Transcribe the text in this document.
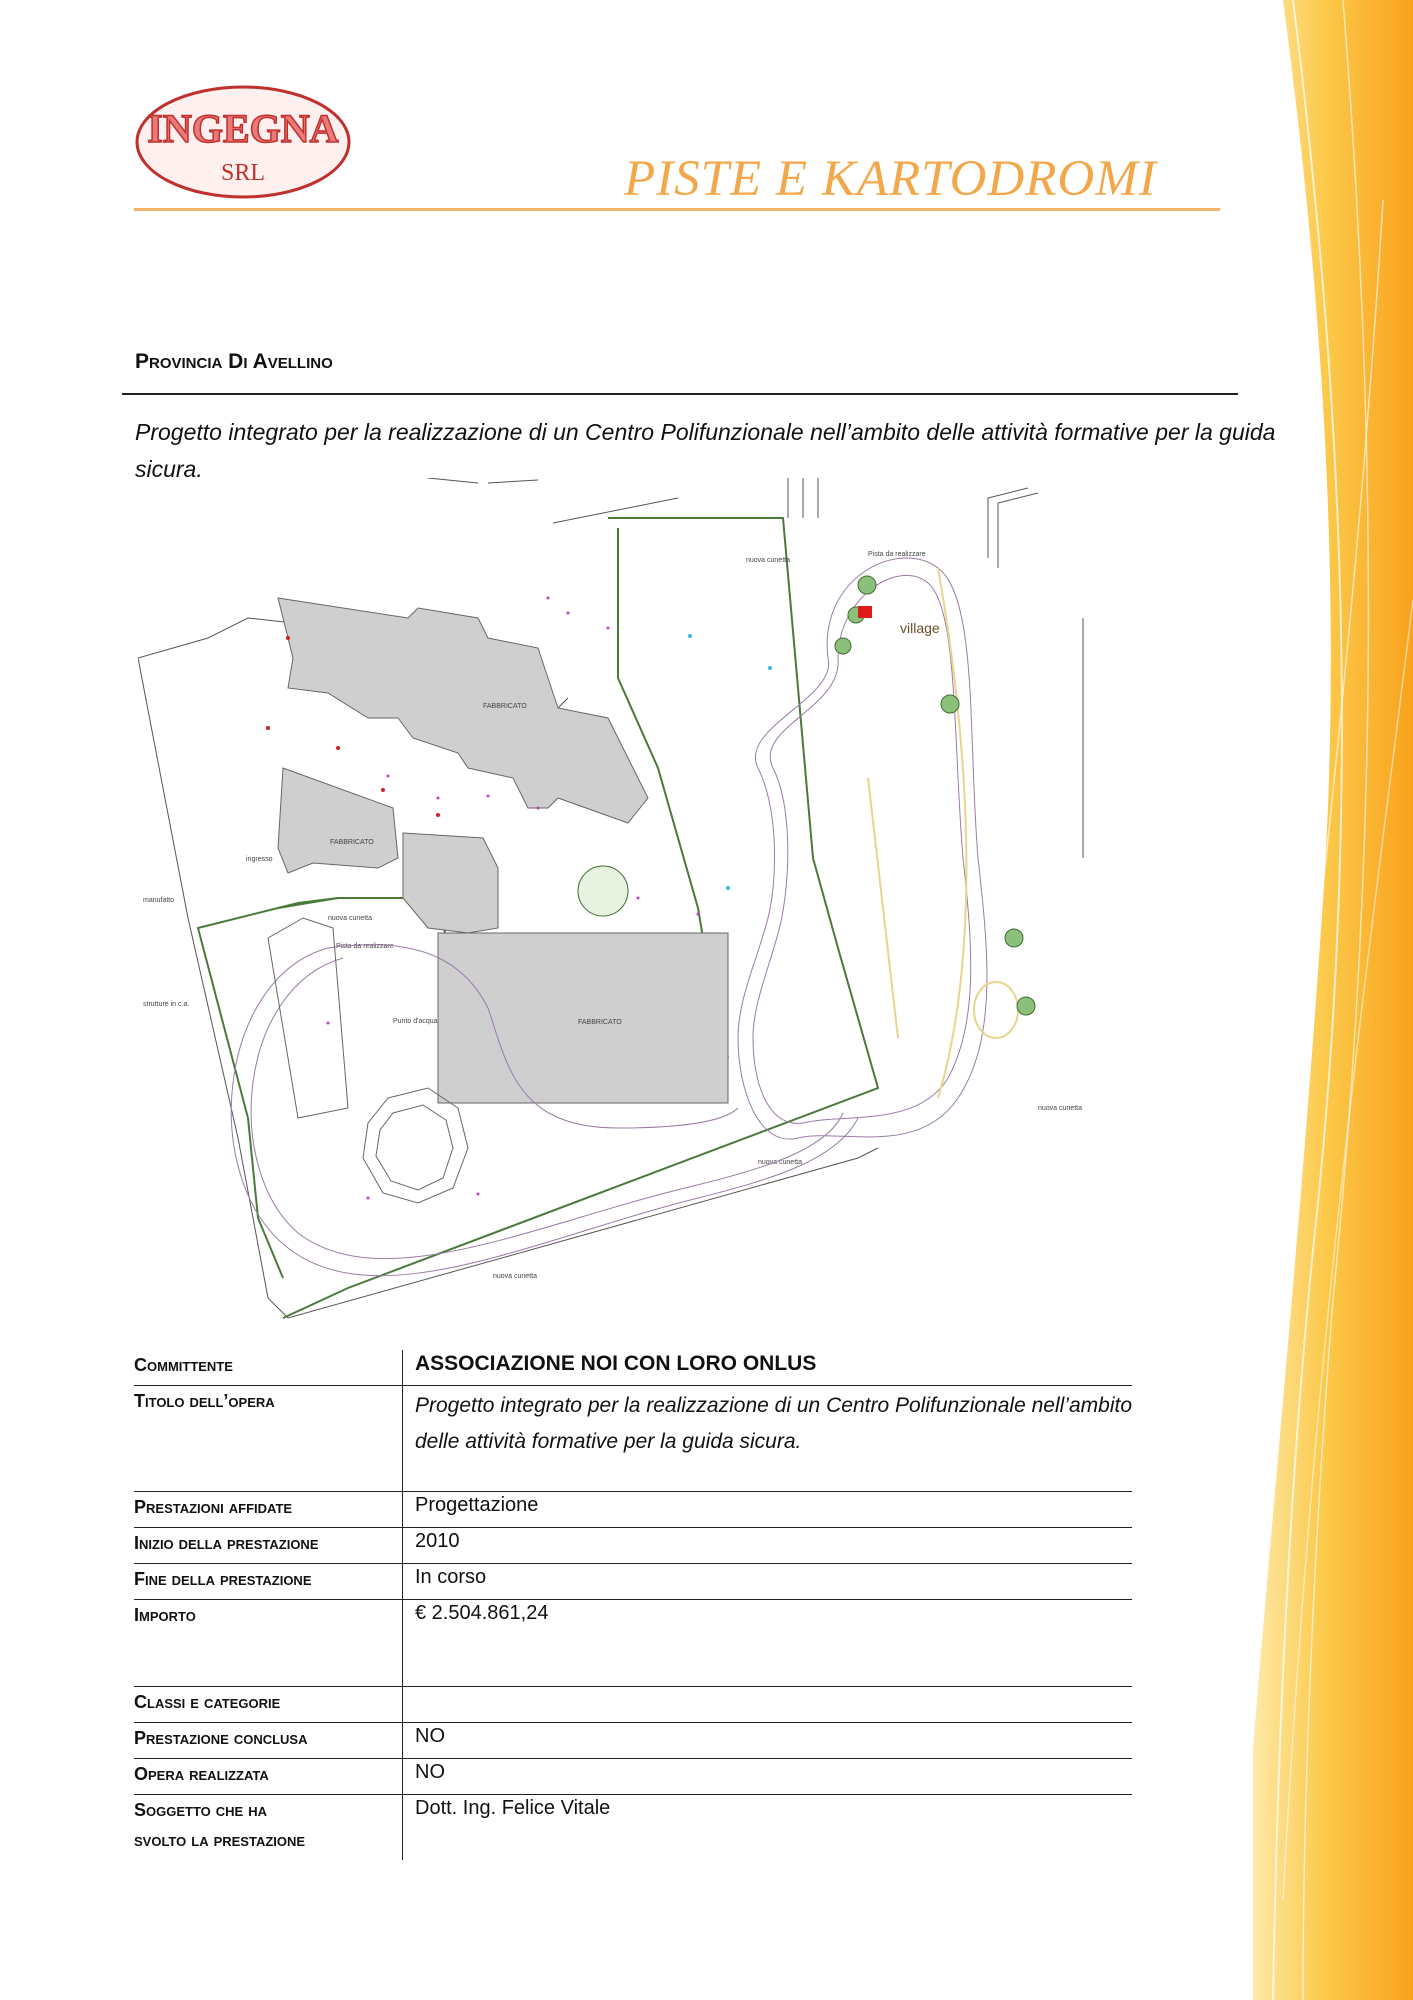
INGEGNA
SRL	PISTE E KARTODROMI
Provincia Di Avellino
Progetto integrato per la realizzazione di un Centro Polifunzionale nell’ambito delle attività formative per la guida sicura.
FABBRICATO
FABBRICATO
FABBRICATO
nuova cunetta
Pista da realizzare
nuova cunetta
Pista da realizzare
nuova cunetta
nuova cunetta
nuova cunetta
manufatto
strutture in c.a.
ingresso
Punto d'acqua
village
Committente	ASSOCIAZIONE NOI CON LORO ONLUS
Titolo dell’opera	Progetto integrato per la realizzazione di un Centro Polifunzionale nell’ambito delle attività formative per la guida sicura.
Prestazioni affidate	Progettazione
Inizio della prestazione	2010
Fine della prestazione	In corso
Importo	€ 2.504.861,24
Classi e categorie	
Prestazione conclusa	NO
Opera realizzata	NO

Soggetto che ha
svolto la prestazione	Dott. Ing. Felice Vitale
